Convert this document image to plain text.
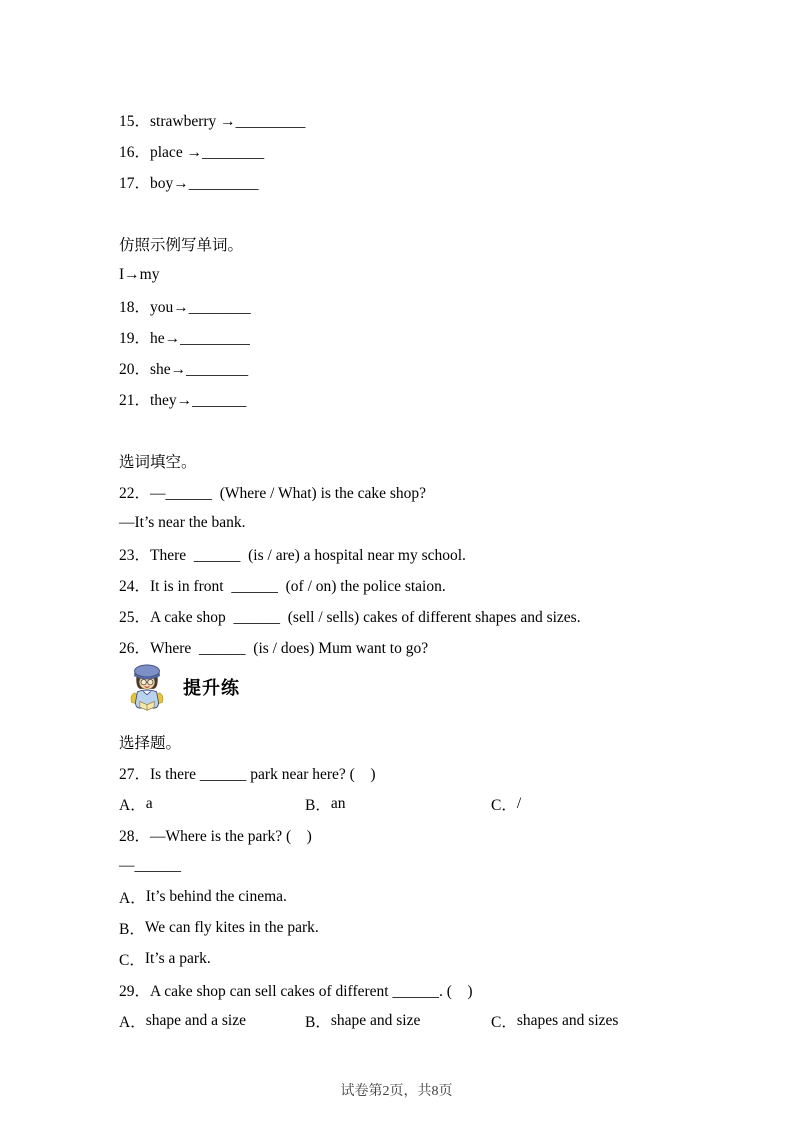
15．strawberry →_________
16．place →________
17．boy→_________
仿照示例写单词。
I→my
18．you→________
19．he→_________
20．she→________
21．they→_______
选词填空。
22．—______  (Where / What) is the cake shop?
—It’s near the bank.
23．There  ______  (is / are) a hospital near my school.
24．It is in front  ______  (of / on) the police staion.
25．A cake shop  ______  (sell / sells) cakes of different shapes and sizes.
26．Where  ______  (is / does) Mum want to go?
提升练
选择题。
27．Is there ______ park near here? (　)
A． a	B． an	C． /
28．—Where is the park? (　)
—______
A． It’s behind the cinema.
B． We can fly kites in the park.
C． It’s a park.
29．A cake shop can sell cakes of different ______. (　)
A． shape and a size	B． shape and size	C． shapes and sizes
试卷第2页，共8页
